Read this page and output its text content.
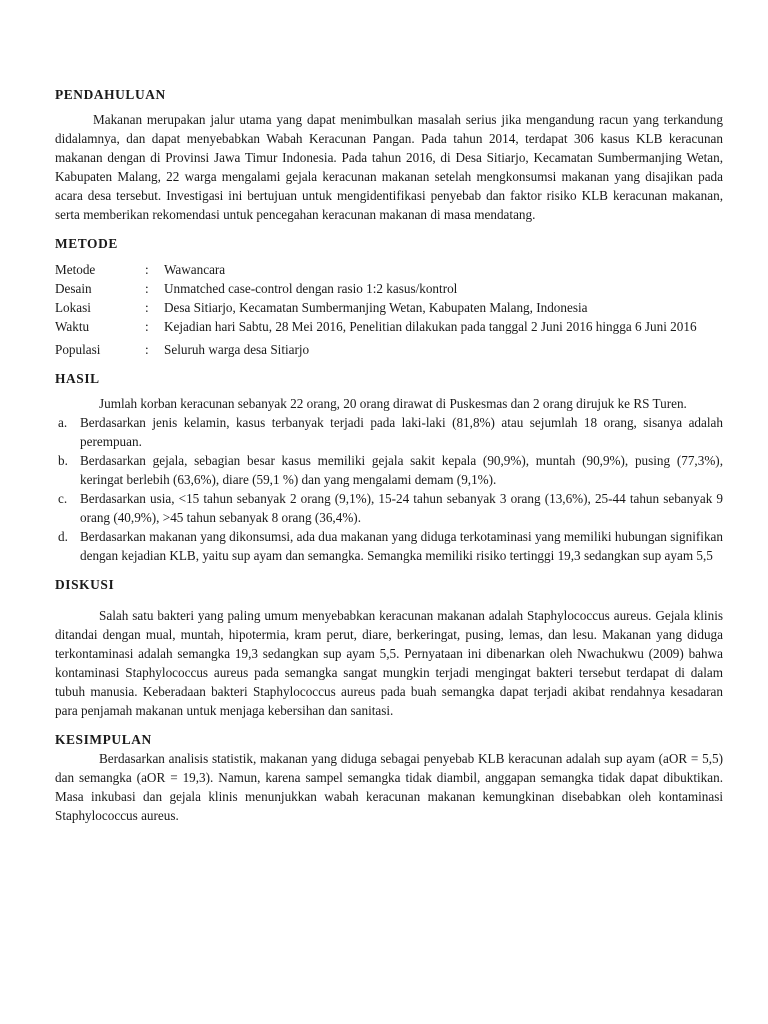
PENDAHULUAN

Makanan merupakan jalur utama yang dapat menimbulkan masalah serius jika mengandung racun yang terkandung didalamnya, dan dapat menyebabkan Wabah Keracunan Pangan. Pada tahun 2014, terdapat 306 kasus KLB keracunan makanan dengan di Provinsi Jawa Timur Indonesia. Pada tahun 2016, di Desa Sitiarjo, Kecamatan Sumbermanjing Wetan, Kabupaten Malang, 22 warga mengalami gejala keracunan makanan setelah mengkonsumsi makanan yang disajikan pada acara desa tersebut. Investigasi ini bertujuan untuk mengidentifikasi penyebab dan faktor risiko KLB keracunan makanan, serta memberikan rekomendasi untuk pencegahan keracunan makanan di masa mendatang.

METODE
Metode	:	Wawancara
Desain	:	Unmatched case-control dengan rasio 1:2 kasus/kontrol
Lokasi	:	Desa Sitiarjo, Kecamatan Sumbermanjing Wetan, Kabupaten Malang, Indonesia
Waktu	:	Kejadian hari Sabtu, 28 Mei 2016, Penelitian dilakukan pada tanggal 2 Juni 2016 hingga 6 Juni 2016

Populasi	:	Seluruh warga desa Sitiarjo
HASIL

Jumlah korban keracunan sebanyak 22 orang, 20 orang dirawat di Puskesmas dan 2 orang dirujuk ke RS Turen.

a. Berdasarkan jenis kelamin, kasus terbanyak terjadi pada laki-laki (81,8%) atau sejumlah 18 orang, sisanya adalah perempuan.
b. Berdasarkan gejala, sebagian besar kasus memiliki gejala sakit kepala (90,9%), muntah (90,9%), pusing (77,3%), keringat berlebih (63,6%), diare (59,1 %) dan yang mengalami demam (9,1%).
c. Berdasarkan usia, <15 tahun sebanyak 2 orang (9,1%), 15-24 tahun sebanyak 3 orang (13,6%), 25-44 tahun sebanyak 9 orang (40,9%), >45 tahun sebanyak 8 orang (36,4%).
d. Berdasarkan makanan yang dikonsumsi, ada dua makanan yang diduga terkotaminasi yang memiliki hubungan signifikan dengan kejadian KLB, yaitu sup ayam dan semangka. Semangka memiliki risiko tertinggi 19,3 sedangkan sup ayam 5,5
DISKUSI

Salah satu bakteri yang paling umum menyebabkan keracunan makanan adalah Staphylococcus aureus. Gejala klinis ditandai dengan mual, muntah, hipotermia, kram perut, diare, berkeringat, pusing, lemas, dan lesu. Makanan yang diduga terkontaminasi adalah semangka 19,3 sedangkan sup ayam 5,5. Pernyataan ini dibenarkan oleh Nwachukwu (2009) bahwa kontaminasi Staphylococcus aureus pada semangka sangat mungkin terjadi mengingat bakteri tersebut terdapat di dalam tubuh manusia. Keberadaan bakteri Staphylococcus aureus pada buah semangka dapat terjadi akibat rendahnya kesadaran para penjamah makanan untuk menjaga kebersihan dan sanitasi.

KESIMPULAN

Berdasarkan analisis statistik, makanan yang diduga sebagai penyebab KLB keracunan adalah sup ayam (aOR = 5,5) dan semangka (aOR = 19,3). Namun, karena sampel semangka tidak diambil, anggapan semangka tidak dapat dibuktikan. Masa inkubasi dan gejala klinis menunjukkan wabah keracunan makanan kemungkinan disebabkan oleh kontaminasi Staphylococcus aureus.
